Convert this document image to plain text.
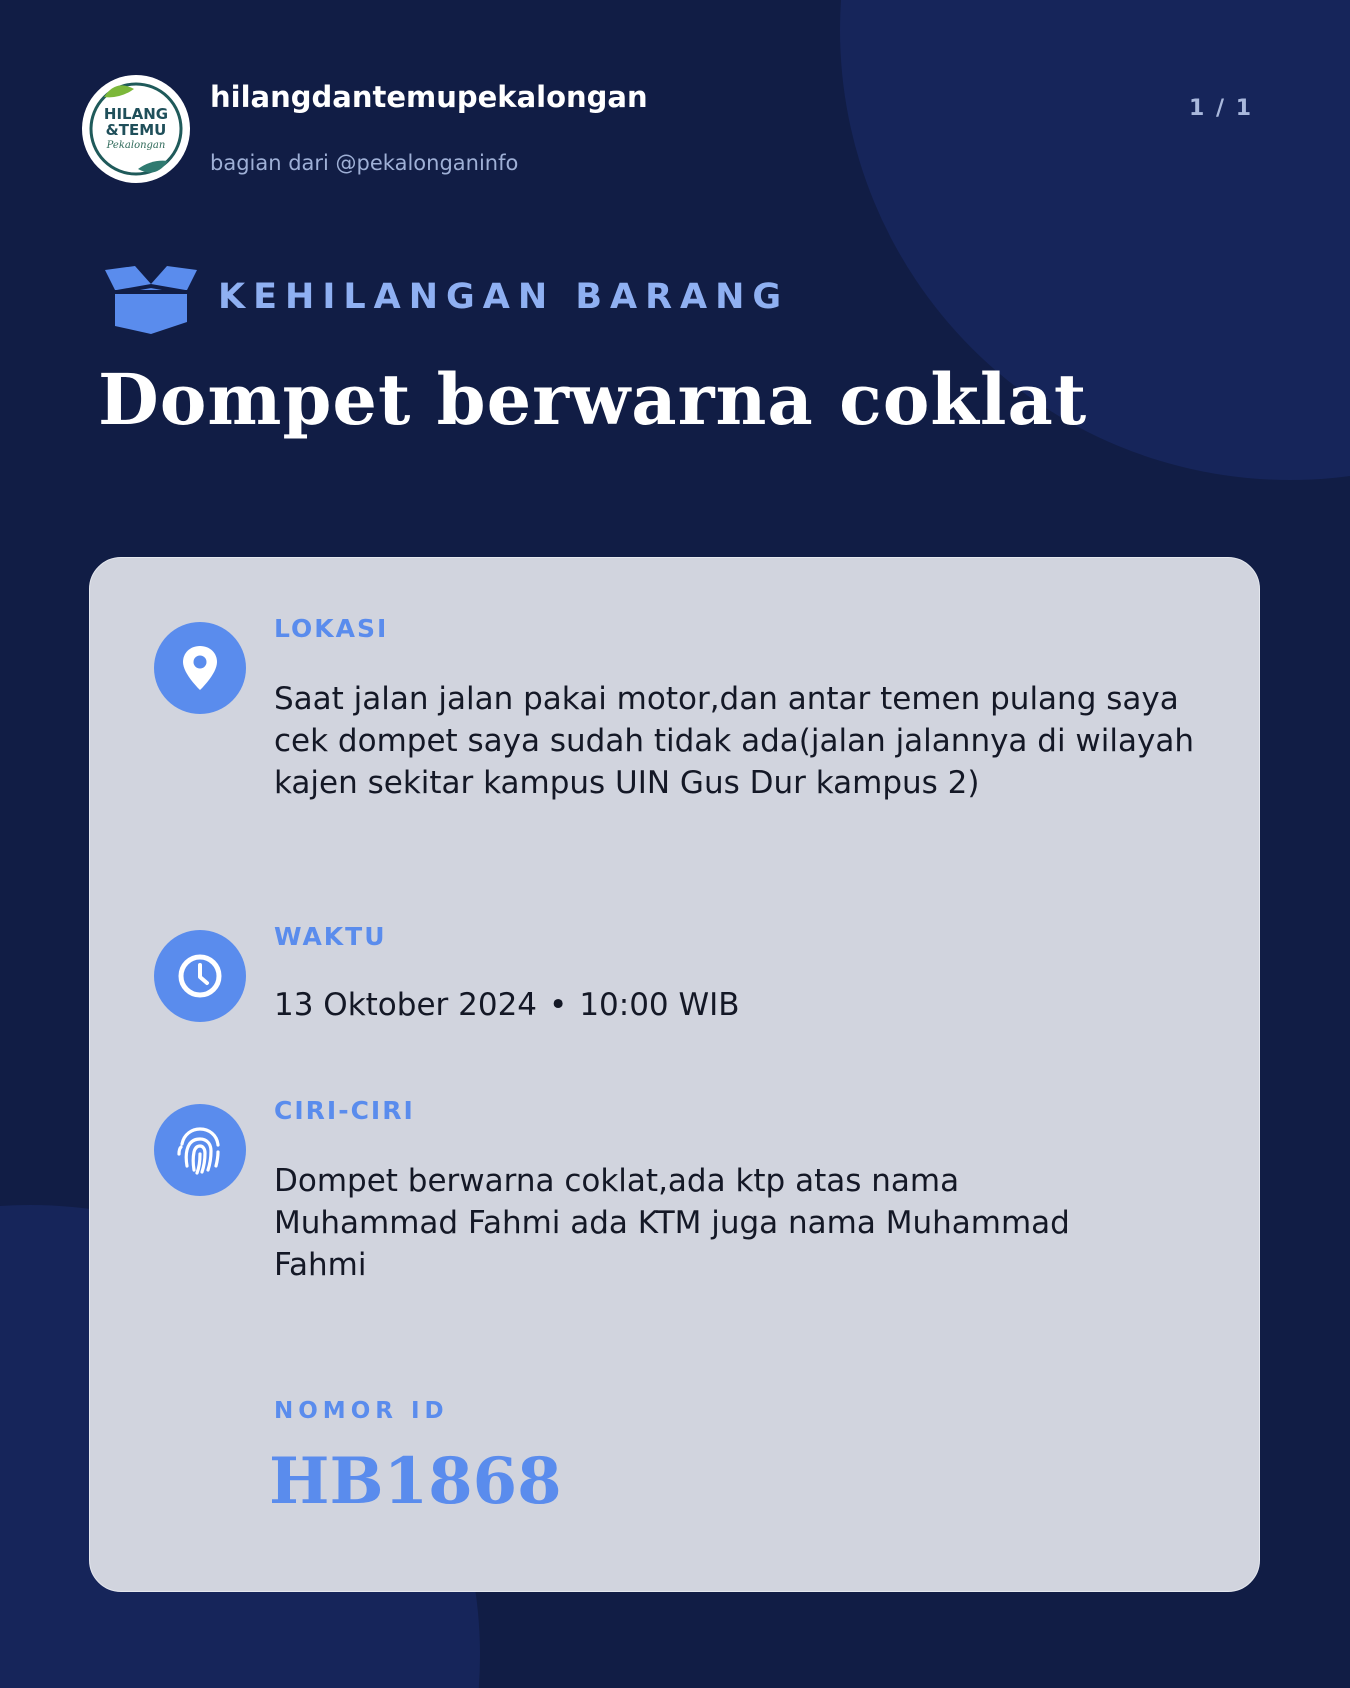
HILANG
&TEMU
Pekalongan
hilangdantemupekalongan
bagian dari @pekalonganinfo
1 / 1
KEHILANGAN BARANG
Dompet berwarna coklat
LOKASI
Saat jalan jalan pakai motor,dan antar temen pulang saya cek dompet saya sudah tidak ada(jalan jalannya di wilayah kajen sekitar kampus UIN Gus Dur kampus 2)
WAKTU
13 Oktober 2024 • 10:00 WIB
CIRI-CIRI
Dompet berwarna coklat,ada ktp atas nama Muhammad Fahmi ada KTM juga nama Muhammad Fahmi
NOMOR ID
HB1868
